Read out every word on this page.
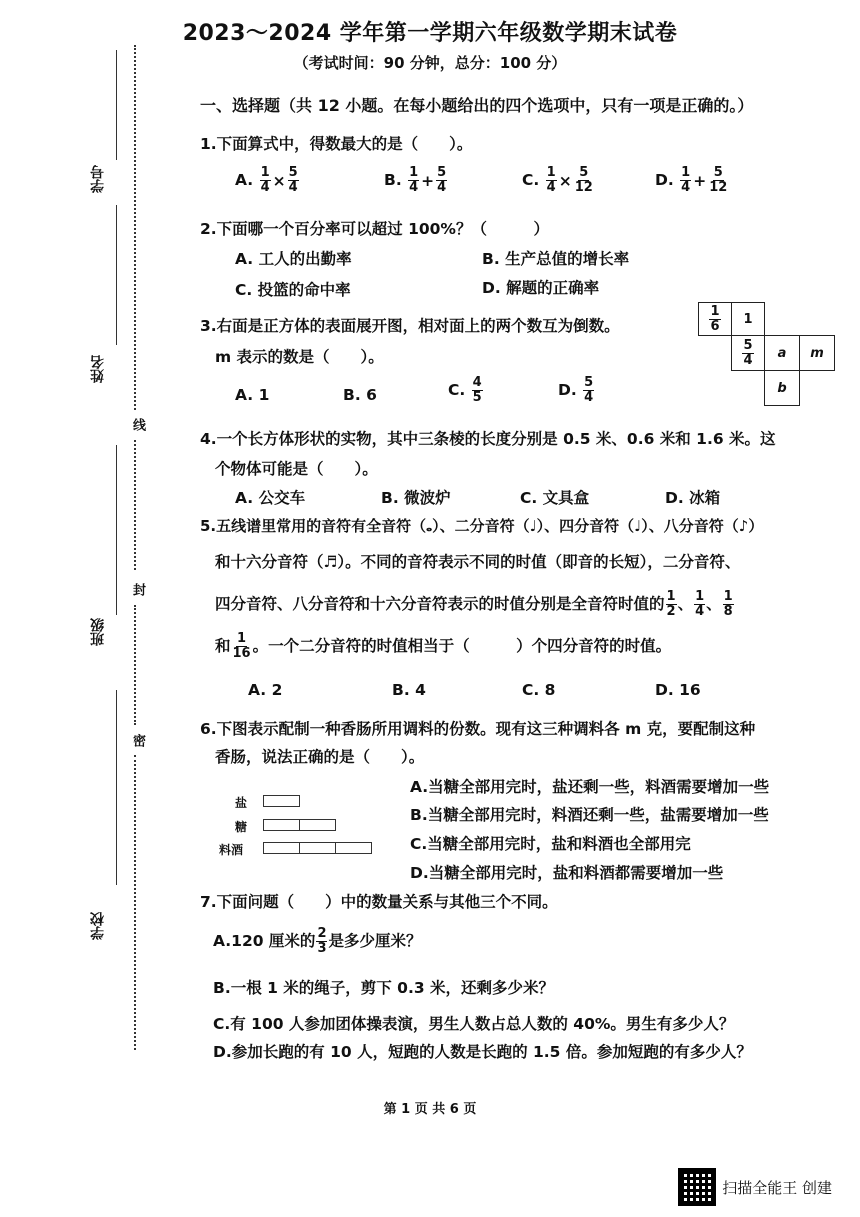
2023～2024 学年第一学期六年级数学期末试卷
（考试时间：90 分钟，总分：100 分）
学号
姓名
班级
学校
线
封
密
一、选择题（共 12 小题。在每小题给出的四个选项中，只有一项是正确的。）
1.下面算式中，得数最大的是（　　）。
A. $\frac{1}{4} \times \frac{5}{4}$	B. $\frac{1}{4} + \frac{5}{4}$	C. $\frac{1}{4} \times \frac{5}{12}$	D. $\frac{1}{4} + \frac{5}{12}$
2.下面哪一个百分率可以超过 100%？（　　　）
A. 工人的出勤率	B. 生产总值的增长率
C. 投篮的命中率	D. 解题的正确率
3.右面是正方体的表面展开图，相对面上的两个数互为倒数。
m 表示的数是（　　）。
A. 1	B. 6	C. $\frac{4}{5}$	D. $\frac{5}{4}$
$\frac{1}{6}$	1
$\frac{5}{4}$	a	m
b
4.一个长方体形状的实物，其中三条棱的长度分别是 0.5 米、0.6 米和 1.6 米。这
个物体可能是（　　）。
A. 公交车	B. 微波炉	C. 文具盒	D. 冰箱
5.五线谱里常用的音符有全音符（𝅝）、二分音符（♩）、四分音符（♩）、八分音符（♪）
和十六分音符（♬）。不同的音符表示不同的时值（即音的长短），二分音符、
四分音符、八分音符和十六分音符表示的时值分别是全音符时值的 $\frac{1}{2}$ 、 $\frac{1}{4}$ 、 $\frac{1}{8}$
和 $\frac{1}{16}$ 。一个二分音符的时值相当于（　　　）个四分音符的时值。
A. 2	B. 4	C. 8	D. 16
6.下图表示配制一种香肠所用调料的份数。现有这三种调料各 m 克，要配制这种
香肠，说法正确的是（　　）。
盐
糖
料酒
A.当糖全部用完时，盐还剩一些，料酒需要增加一些
B.当糖全部用完时，料酒还剩一些，盐需要增加一些
C.当糖全部用完时，盐和料酒也全部用完
D.当糖全部用完时，盐和料酒都需要增加一些
7.下面问题（　　）中的数量关系与其他三个不同。
A.120 厘米的 $\frac{2}{3}$ 是多少厘米？
B.一根 1 米的绳子，剪下 0.3 米，还剩多少米？
C.有 100 人参加团体操表演，男生人数占总人数的 40%。男生有多少人？
D.参加长跑的有 10 人，短跑的人数是长跑的 1.5 倍。参加短跑的有多少人？
第 1 页 共 6 页
扫描全能王 创建
